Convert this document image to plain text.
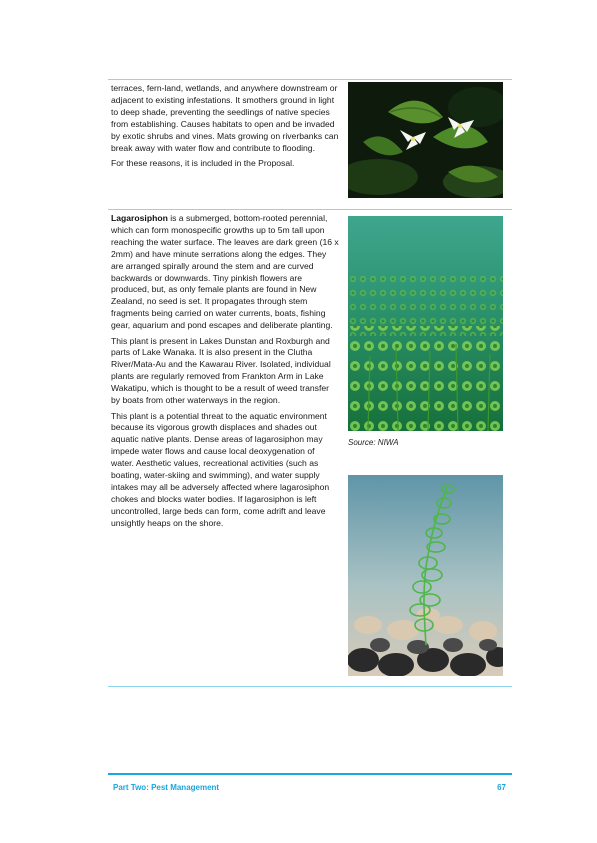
terraces, fern-land, wetlands, and anywhere downstream or adjacent to existing infestations. It smothers ground in light to deep shade, preventing the seedlings of native species from establishing. Causes habitats to open and be invaded by exotic shrubs and vines. Mats growing on riverbanks can break away with water flow and contribute to flooding.

For these reasons, it is included in the Proposal.

Lagarosiphon is a submerged, bottom-rooted perennial, which can form monospecific growths up to 5m tall upon reaching the water surface. The leaves are dark green (16 x 2mm) and have minute serrations along the edges. They are arranged spirally around the stem and are curved backwards or downwards. Tiny pinkish flowers are produced, but, as only female plants are found in New Zealand, no seed is set. It propagates through stem fragments being carried on water currents, boats, fishing gear, aquarium and pond escapes and deliberate planting.

This plant is present in Lakes Dunstan and Roxburgh and parts of Lake Wanaka. It is also present in the Clutha River/Mata-Au and the Kawarau River. Isolated, individual plants are regularly removed from Frankton Arm in Lake Wakatipu, which is thought to be a result of weed transfer by boats from other waterways in the region.

This plant is a potential threat to the aquatic environment because its vigorous growth displaces and shades out aquatic native plants. Dense areas of lagarosiphon may impede water flows and cause local deoxygenation of water. Aesthetic values, recreational activities (such as boating, water-skiing and swimming), and water supply intakes may all be adversely affected where lagarosiphon chokes and blocks water bodies. If lagarosiphon is left uncontrolled, large beds can form, come adrift and leave unsightly heaps on the shore.

Source: NIWA
Part Two: Pest Management	67
